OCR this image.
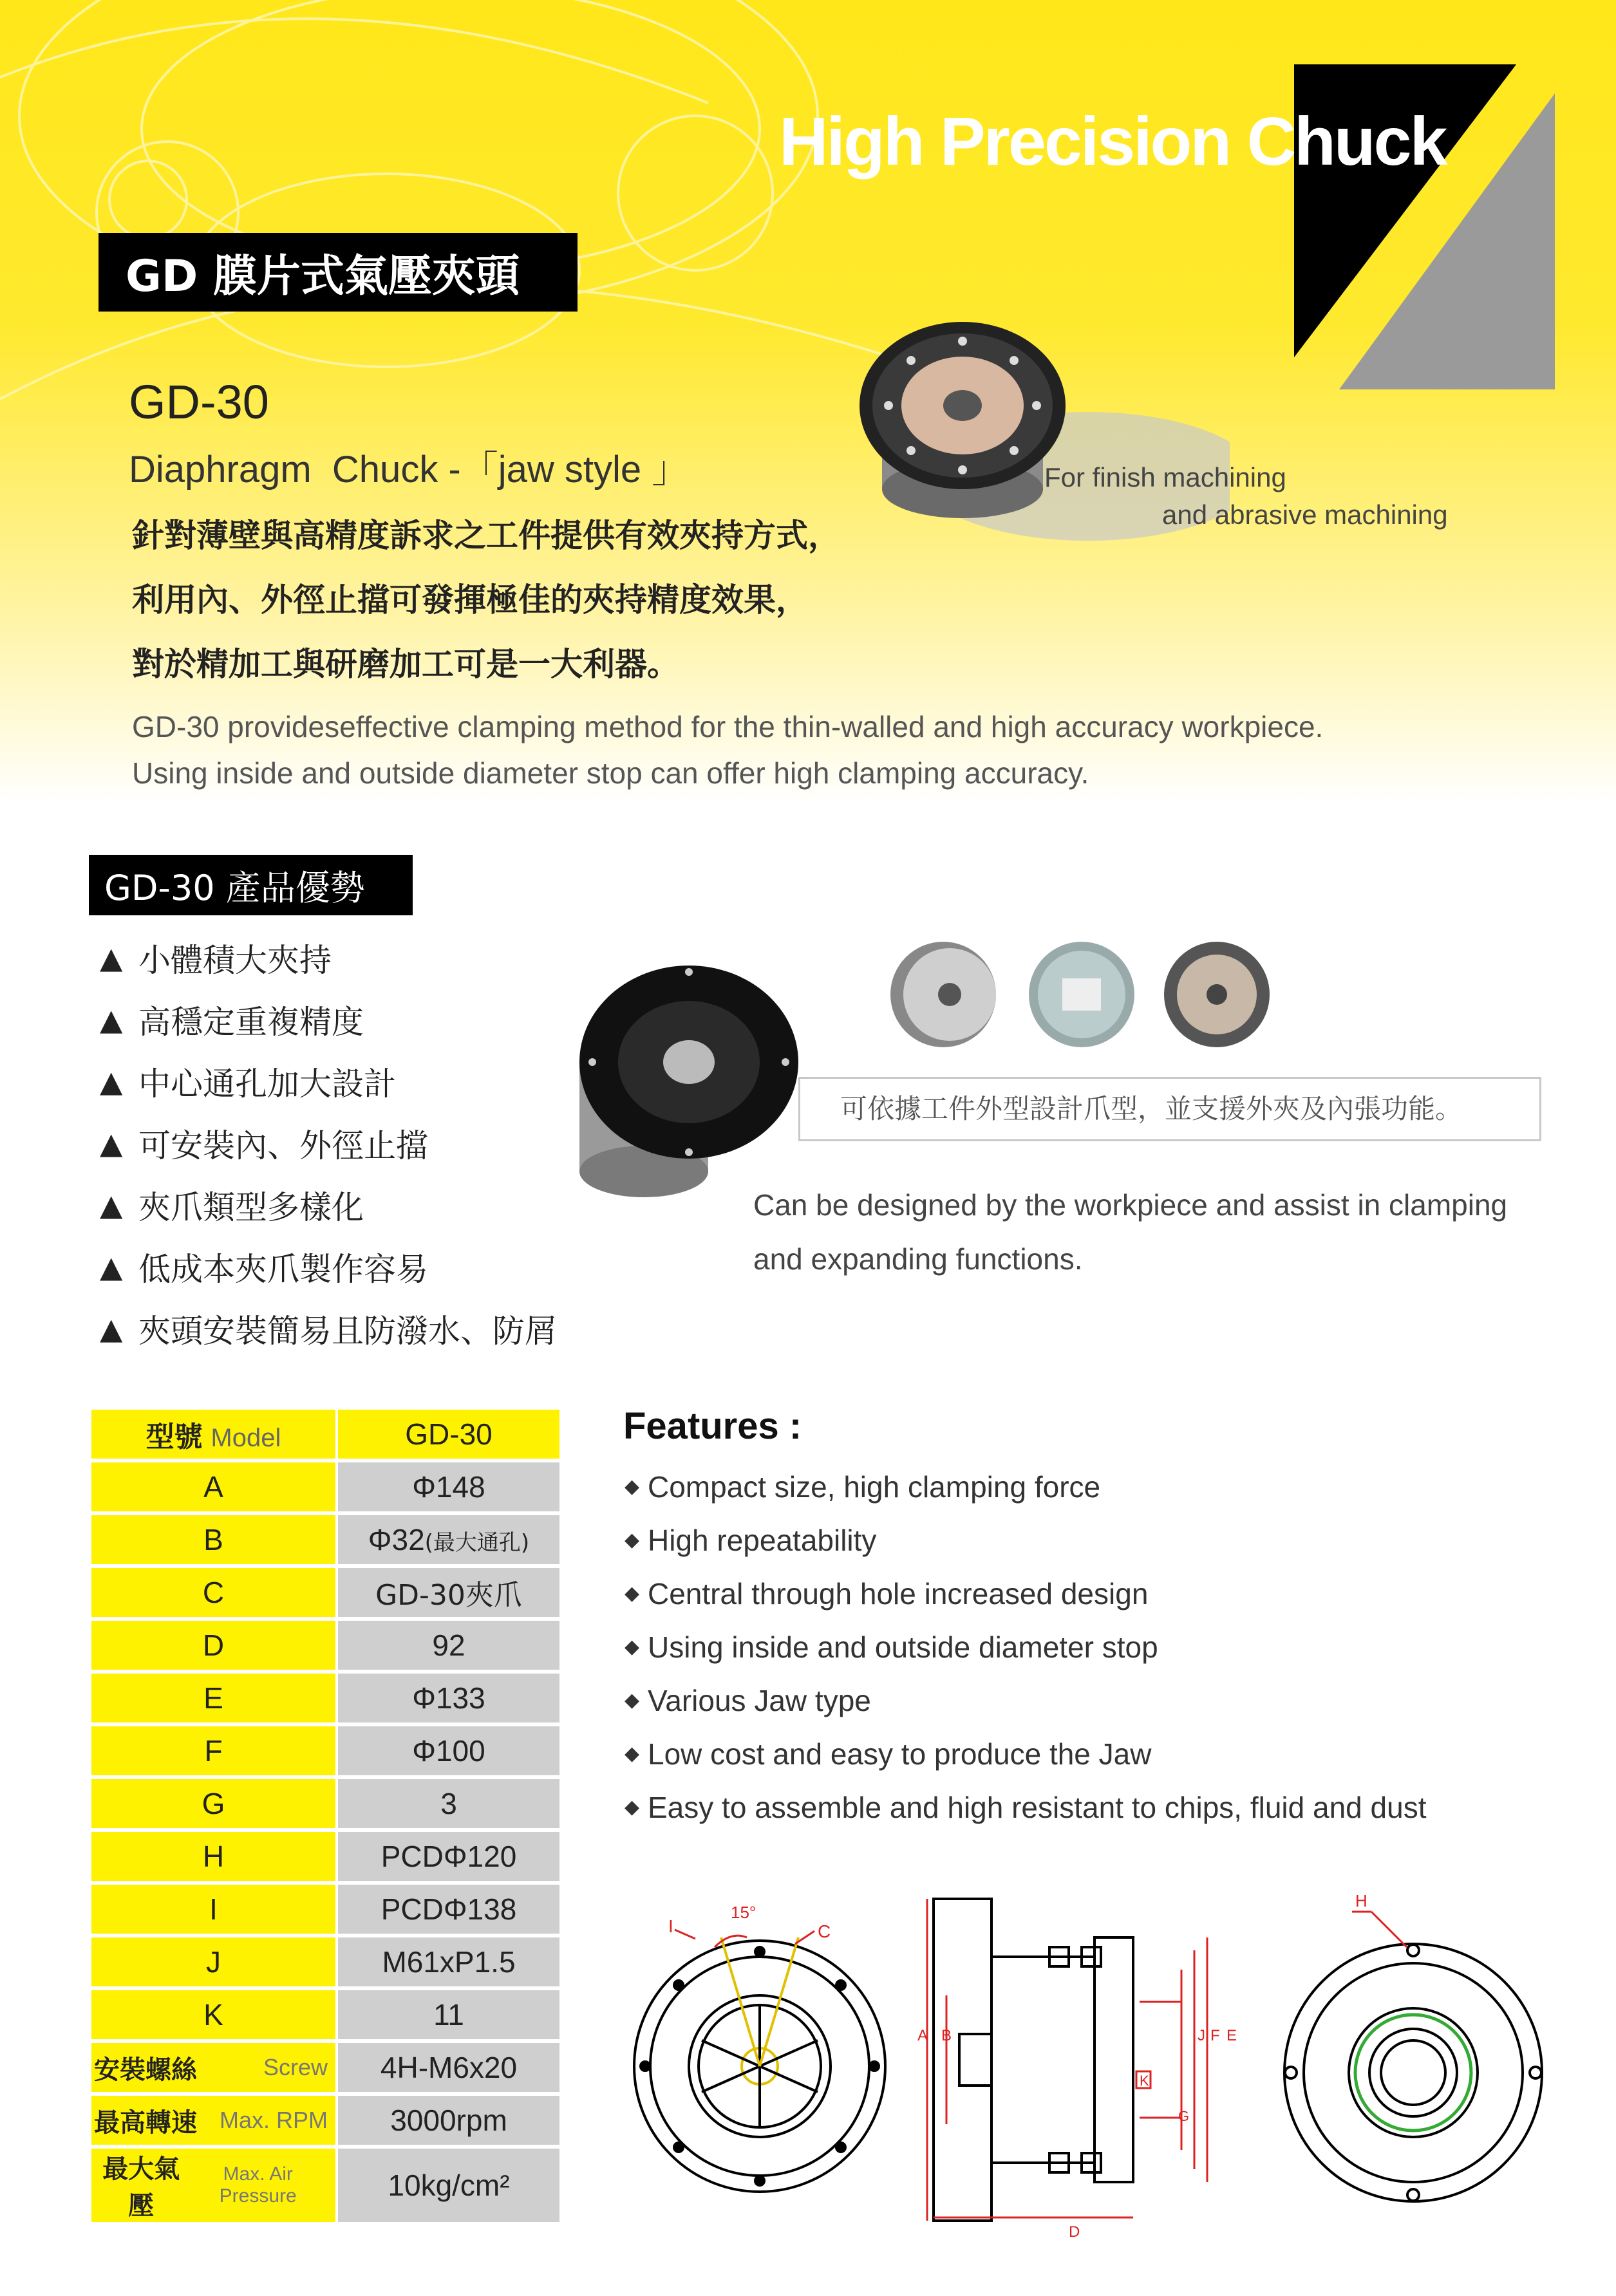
High Precision Chuck
GD 膜片式氣壓夾頭
GD-30
Diaphragm  Chuck -「jaw style 」
針對薄壁與高精度訴求之工件提供有效夾持方式，
利用內、外徑止擋可發揮極佳的夾持精度效果，
對於精加工與研磨加工可是一大利器。
GD-30 provideseffective clamping method for the thin-walled and high accuracy workpiece.
Using inside and outside diameter stop can offer high clamping accuracy.
For finish machining
and abrasive machining
GD-30 產品優勢
▲ 小體積大夾持
▲ 高穩定重複精度
▲ 中心通孔加大設計
▲ 可安裝內、外徑止擋
▲ 夾爪類型多樣化
▲ 低成本夾爪製作容易
▲ 夾頭安裝簡易且防潑水、防屑
可依據工件外型設計爪型，並支援外夾及內張功能。
Can be designed by the workpiece and assist in clamping
and expanding functions.
型號 Model	GD-30
A	Φ148
B	Φ32(最大通孔)
C	GD-30夾爪
D	92
E	Φ133
F	Φ100
G	3
H	PCDΦ120
I	PCDΦ138
J	M61xP1.5
K	11

安裝螺絲 Screw	4H-M6x20

最高轉速 Max. RPM	3000rpm

最大氣壓
Max. Air Pressure	10kg/cm²
Features :
◆ Compact size, high clamping force
◆ High repeatability
◆ Central through hole increased design
◆ Using inside and outside diameter stop
◆ Various Jaw type
◆ Low cost and easy to produce the Jaw
◆ Easy to assemble and high resistant to chips, fluid and dust
15°
I	C
A B	J F E
K
G
D
H
